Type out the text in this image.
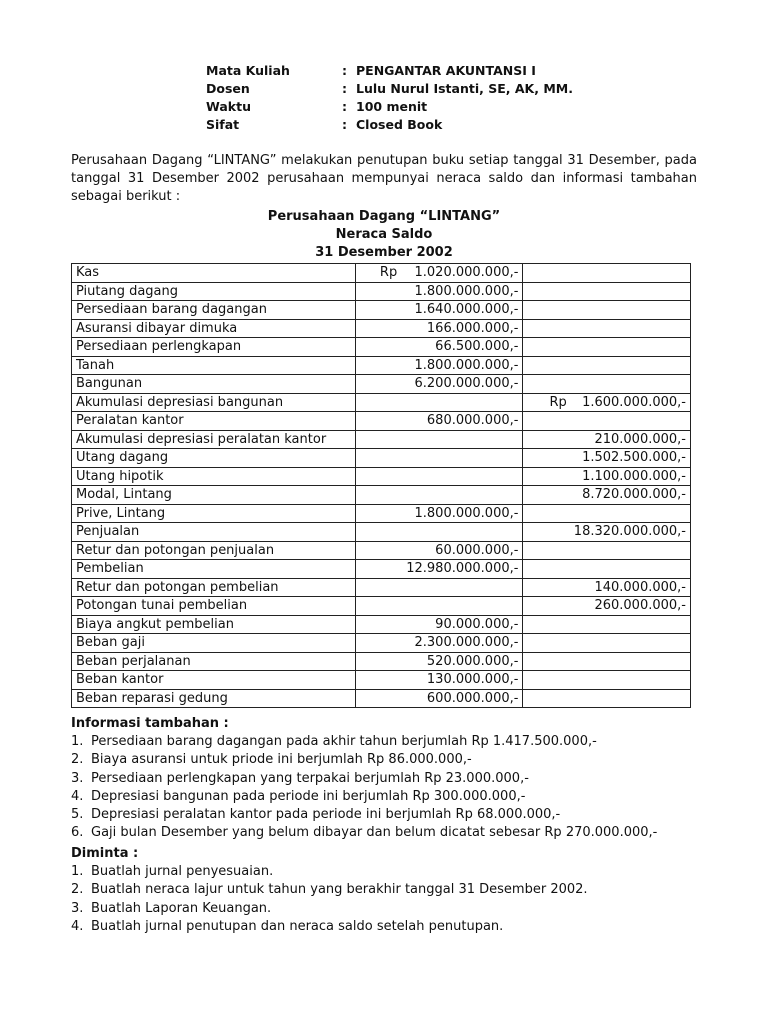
Mata Kuliah	: PENGANTAR AKUNTANSI I
Dosen	: Lulu Nurul Istanti, SE, AK, MM.
Waktu	: 100 menit
Sifat	: Closed Book
Perusahaan Dagang “LINTANG” melakukan penutupan buku setiap tanggal 31 Desember, pada tanggal 31 Desember 2002 perusahaan mempunyai neraca saldo dan informasi tambahan sebagai berikut :
Perusahaan Dagang “LINTANG”
Neraca Saldo
31 Desember 2002
Kas	Rp 1.020.000.000,-	
Piutang dagang	1.800.000.000,-	
Persediaan barang dagangan	1.640.000.000,-	
Asuransi dibayar dimuka	166.000.000,-	
Persediaan perlengkapan	66.500.000,-	
Tanah	1.800.000.000,-	
Bangunan	6.200.000.000,-	
Akumulasi depresiasi bangunan		Rp 1.600.000.000,-
Peralatan kantor	680.000.000,-	
Akumulasi depresiasi peralatan kantor		210.000.000,-
Utang dagang		1.502.500.000,-
Utang hipotik		1.100.000.000,-
Modal, Lintang		8.720.000.000,-
Prive, Lintang	1.800.000.000,-	
Penjualan		18.320.000.000,-
Retur dan potongan penjualan	60.000.000,-	
Pembelian	12.980.000.000,-	
Retur dan potongan pembelian		140.000.000,-
Potongan tunai pembelian		260.000.000,-
Biaya angkut pembelian	90.000.000,-	
Beban gaji	2.300.000.000,-	
Beban perjalanan	520.000.000,-	
Beban kantor	130.000.000,-	
Beban reparasi gedung	600.000.000,-	
Informasi tambahan :
1. Persediaan barang dagangan pada akhir tahun berjumlah Rp 1.417.500.000,-
2. Biaya asuransi untuk priode ini berjumlah Rp 86.000.000,-
3. Persediaan perlengkapan yang terpakai berjumlah Rp 23.000.000,-
4. Depresiasi bangunan pada periode ini berjumlah Rp 300.000.000,-
5. Depresiasi peralatan kantor pada periode ini berjumlah Rp 68.000.000,-
6. Gaji bulan Desember yang belum dibayar dan belum dicatat sebesar Rp 270.000.000,-
Diminta :
1. Buatlah jurnal penyesuaian.
2. Buatlah neraca lajur untuk tahun yang berakhir tanggal 31 Desember 2002.
3. Buatlah Laporan Keuangan.
4. Buatlah jurnal penutupan dan neraca saldo setelah penutupan.
